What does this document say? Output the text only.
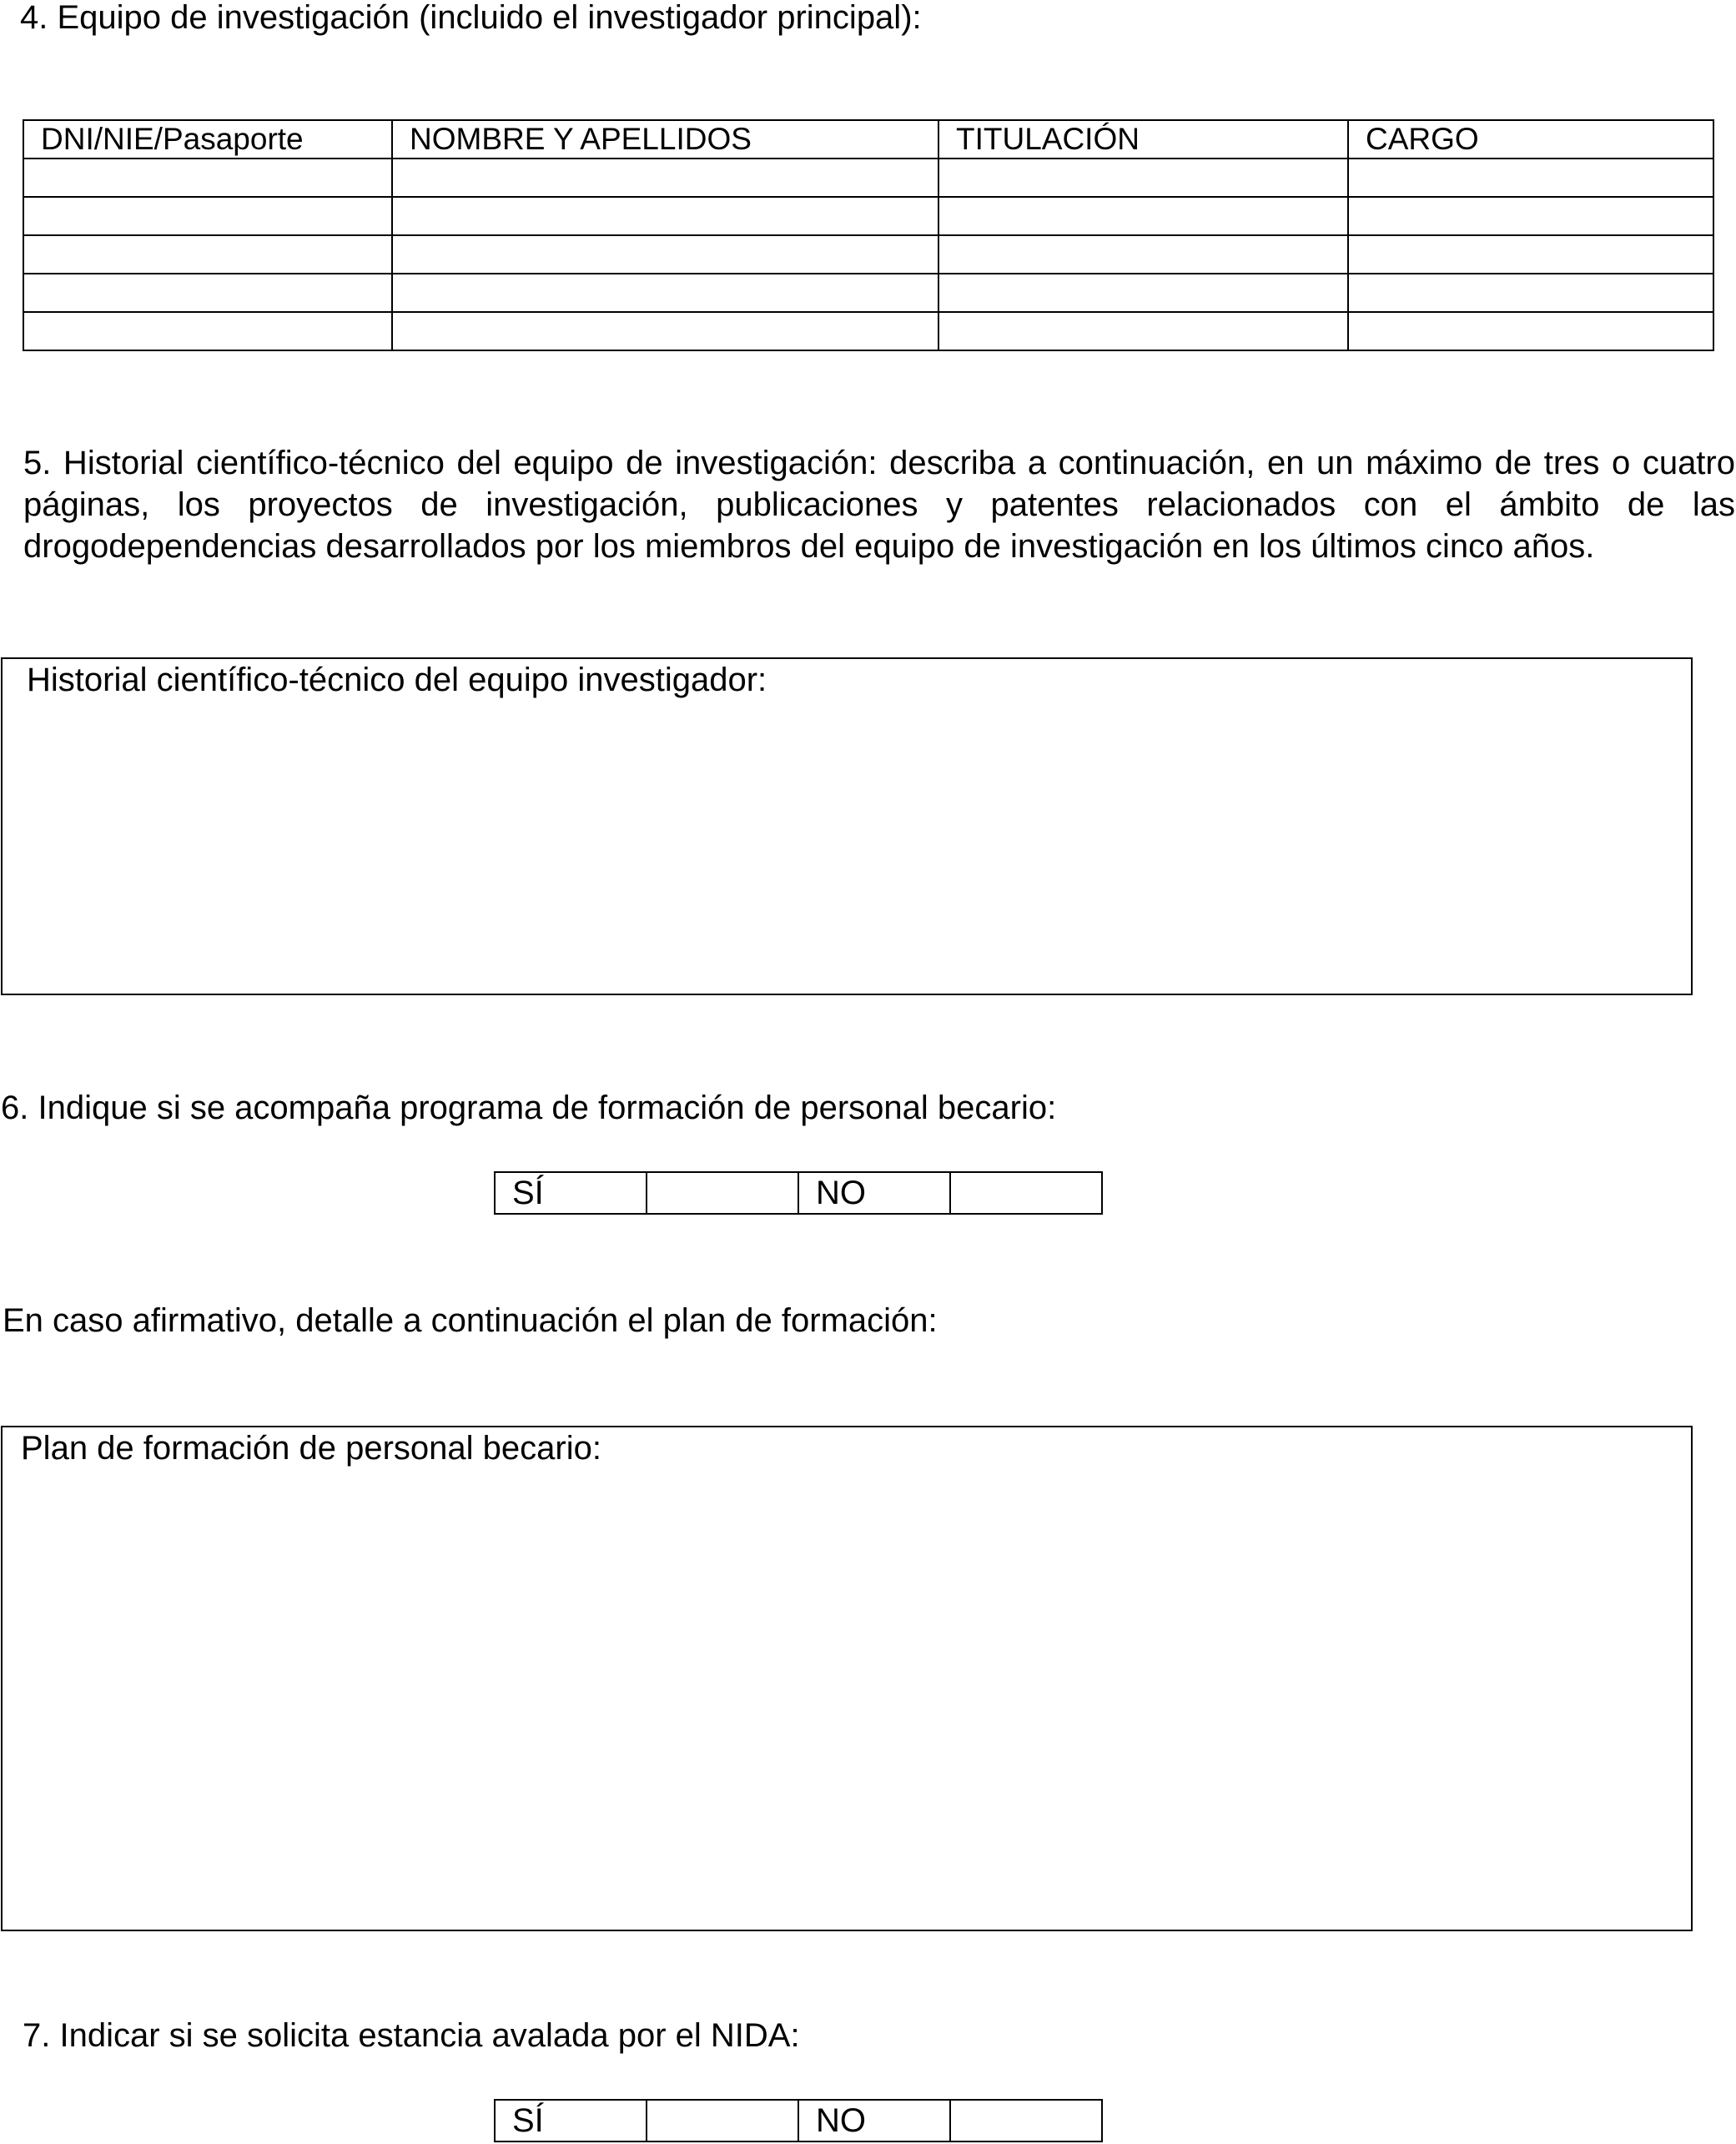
4. Equipo de investigación (incluido el investigador principal):
DNI/NIE/Pasaporte	NOMBRE Y APELLIDOS	TITULACIÓN	CARGO

5. Historial científico-técnico del equipo de investigación: describa a continuación, en un máximo de tres o cuatro páginas, los proyectos de investigación, publicaciones y patentes relacionados con el ámbito de las drogodependencias desarrollados por los miembros del equipo de investigación en los últimos cinco años.
Historial científico-técnico del equipo investigador:
6. Indique si se acompaña programa de formación de personal becario:
SÍ		NO	
En caso afirmativo, detalle a continuación el plan de formación:
Plan de formación de personal becario:
7. Indicar si se solicita estancia avalada por el NIDA:
SÍ		NO	
